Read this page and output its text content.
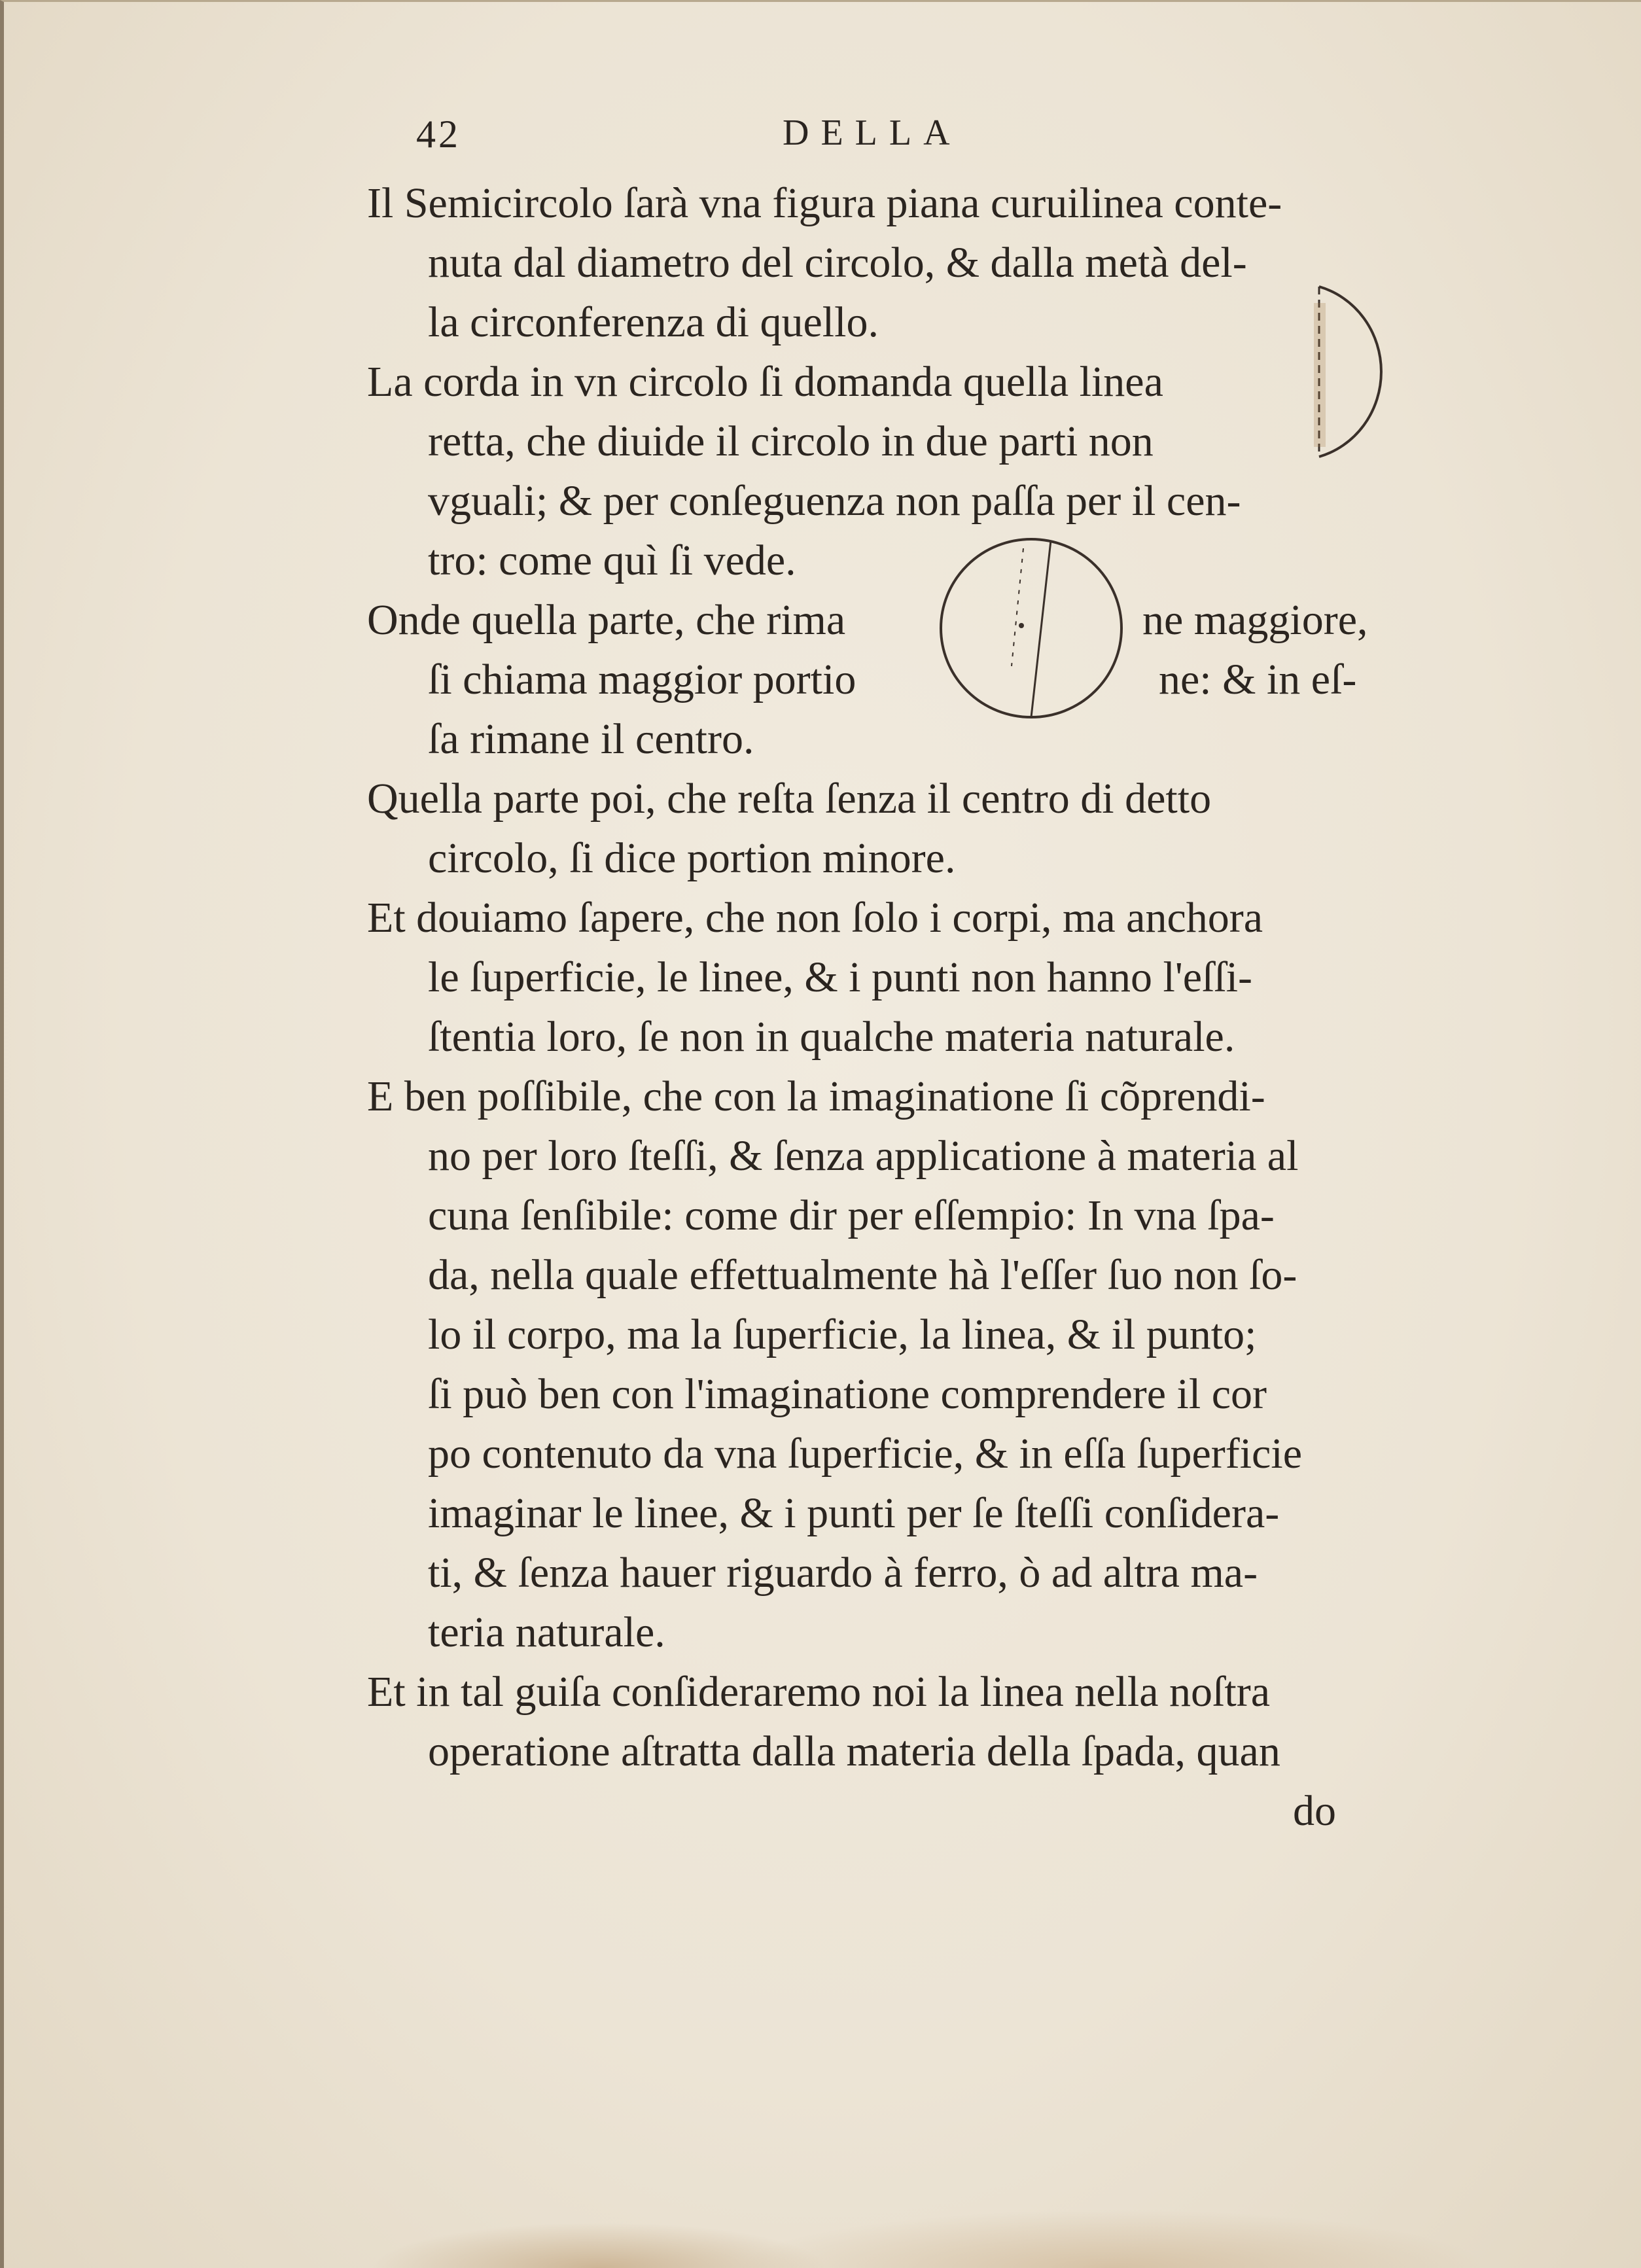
42	DELLA
Il Semicircolo ſarà vna figura piana curuilinea conte-
nuta dal diametro del circolo, & dalla metà del-
la circonferenza di quello.
La corda in vn circolo ſi domanda quella linea
retta, che diuide il circolo in due parti non
vguali; & per conſeguenza non paſſa per il cen-
tro: come quì ſi vede.
Onde quella parte, che rima	ne maggiore,
ſi chiama maggior portio	ne: & in eſ-
ſa rimane il centro.
Quella parte poi, che reſta ſenza il centro di detto
circolo, ſi dice portion minore.
Et douiamo ſapere, che non ſolo i corpi, ma anchora
le ſuperficie, le linee, & i punti non hanno l'eſſi-
ſtentia loro, ſe non in qualche materia naturale.
E ben poſſibile, che con la imaginatione ſi cõprendi-
no per loro ſteſſi, & ſenza applicatione à materia al
cuna ſenſibile: come dir per eſſempio: In vna ſpa-
da, nella quale effettualmente hà l'eſſer ſuo non ſo-
lo il corpo, ma la ſuperficie, la linea, & il punto;
ſi può ben con l'imaginatione comprendere il cor
po contenuto da vna ſuperficie, & in eſſa ſuperficie
imaginar le linee, & i punti per ſe ſteſſi conſidera-
ti, & ſenza hauer riguardo à ferro, ò ad altra ma-
teria naturale.
Et in tal guiſa conſideraremo noi la linea nella noſtra
operatione aſtratta dalla materia della ſpada, quan
do
